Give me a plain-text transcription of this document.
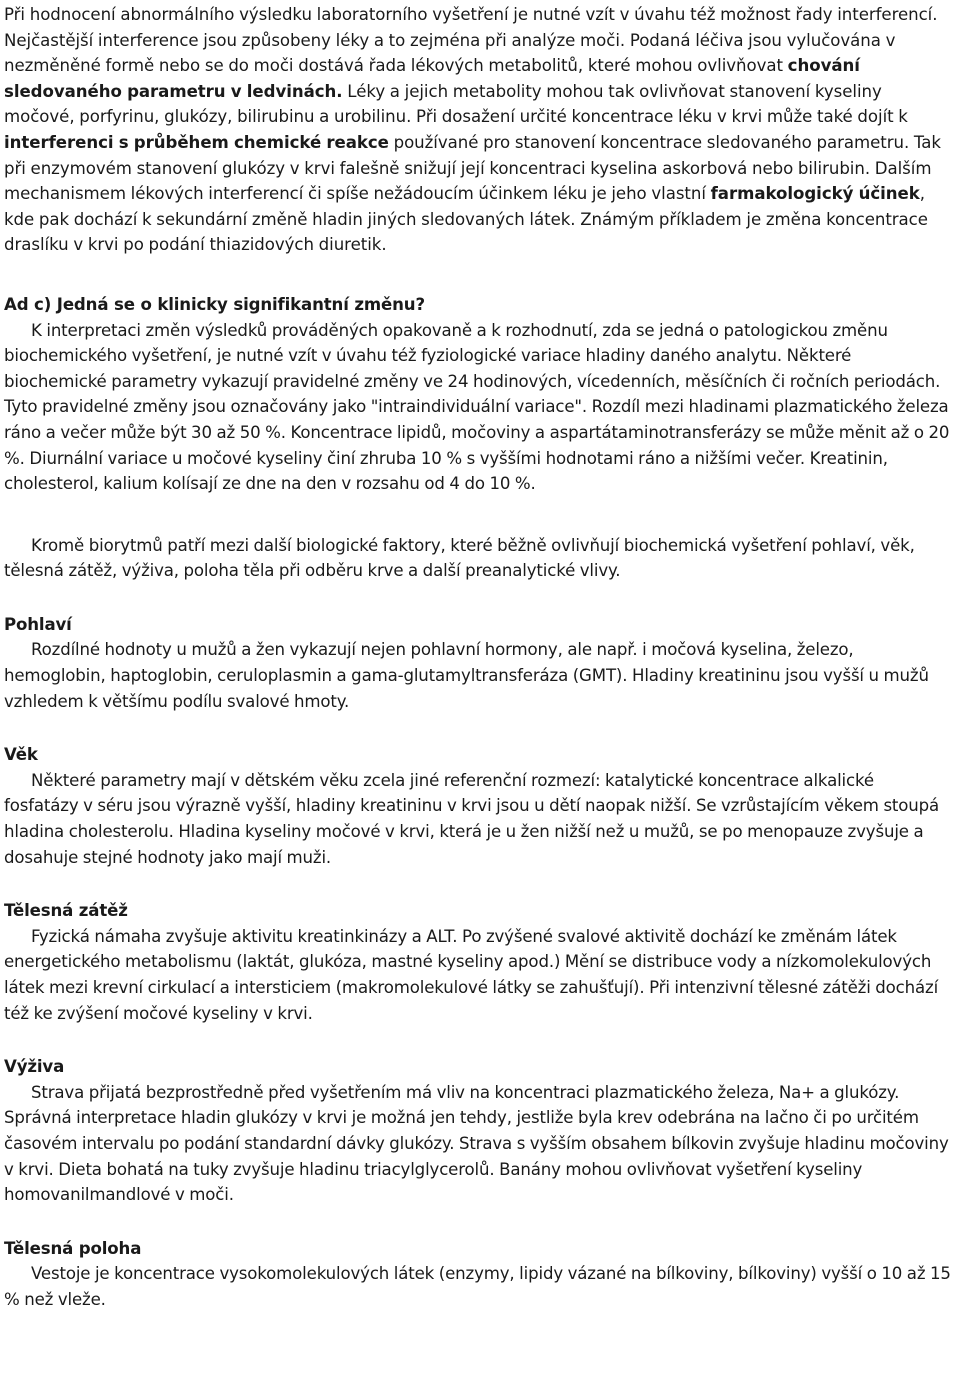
Při hodnocení abnormálního výsledku laboratorního vyšetření je nutné vzít v úvahu též možnost řady interferencí. Nejčastější interference jsou způsobeny léky a to zejména při analýze moči. Podaná léčiva jsou vylučována v nezměněné formě nebo se do moči dostává řada lékových metabolitů, které mohou ovlivňovat chování sledovaného parametru v ledvinách. Léky a jejich metabolity mohou tak ovlivňovat stanovení kyseliny močové, porfyrinu, glukózy, bilirubinu a urobilinu. Při dosažení určité koncentrace léku v krvi může také dojít k interferenci s průběhem chemické reakce používané pro stanovení koncentrace sledovaného parametru. Tak při enzymovém stanovení glukózy v krvi falešně snižují její koncentraci kyselina askorbová nebo bilirubin. Dalším mechanismem lékových interferencí či spíše nežádoucím účinkem léku je jeho vlastní farmakologický účinek, kde pak dochází k sekundární změně hladin jiných sledovaných látek. Známým příkladem je změna koncentrace draslíku v krvi po podání thiazidových diuretik.

Ad c) Jedná se o klinicky signifikantní změnu?

K interpretaci změn výsledků prováděných opakovaně a k rozhodnutí, zda se jedná o patologickou změnu biochemického vyšetření, je nutné vzít v úvahu též fyziologické variace hladiny daného analytu. Některé biochemické parametry vykazují pravidelné změny ve 24 hodinových, vícedenních, měsíčních či ročních periodách. Tyto pravidelné změny jsou označovány jako "intraindividuální variace". Rozdíl mezi hladinami plazmatického železa ráno a večer může být 30 až 50 %. Koncentrace lipidů, močoviny a aspartátaminotransferázy se může měnit až o 20 %. Diurnální variace u močové kyseliny činí zhruba 10 % s vyššími hodnotami ráno a nižšími večer. Kreatinin, cholesterol, kalium kolísají ze dne na den v rozsahu od 4 do 10 %.

Kromě biorytmů patří mezi další biologické faktory, které běžně ovlivňují biochemická vyšetření pohlaví, věk, tělesná zátěž, výživa, poloha těla při odběru krve a další preanalytické vlivy.

Pohlaví

Rozdílné hodnoty u mužů a žen vykazují nejen pohlavní hormony, ale např. i močová kyselina, železo, hemoglobin, haptoglobin, ceruloplasmin a gama-glutamyltransferáza (GMT). Hladiny kreatininu jsou vyšší u mužů vzhledem k většímu podílu svalové hmoty.

Věk

Některé parametry mají v dětském věku zcela jiné referenční rozmezí: katalytické koncentrace alkalické fosfatázy v séru jsou výrazně vyšší, hladiny kreatininu v krvi jsou u dětí naopak nižší. Se vzrůstajícím věkem stoupá hladina cholesterolu. Hladina kyseliny močové v krvi, která je u žen nižší než u mužů, se po menopauze zvyšuje a dosahuje stejné hodnoty jako mají muži.

Tělesná zátěž

Fyzická námaha zvyšuje aktivitu kreatinkinázy a ALT. Po zvýšené svalové aktivitě dochází ke změnám látek energetického metabolismu (laktát, glukóza, mastné kyseliny apod.) Mění se distribuce vody a nízkomolekulových látek mezi krevní cirkulací a intersticiem (makromolekulové látky se zahušťují). Při intenzivní tělesné zátěži dochází též ke zvýšení močové kyseliny v krvi.

Výživa

Strava přijatá bezprostředně před vyšetřením má vliv na koncentraci plazmatického železa, Na+ a glukózy. Správná interpretace hladin glukózy v krvi je možná jen tehdy, jestliže byla krev odebrána na lačno či po určitém časovém intervalu po podání standardní dávky glukózy. Strava s vyšším obsahem bílkovin zvyšuje hladinu močoviny v krvi. Dieta bohatá na tuky zvyšuje hladinu triacylglycerolů. Banány mohou ovlivňovat vyšetření kyseliny homovanilmandlové v moči.

Tělesná poloha

Vestoje je koncentrace vysokomolekulových látek (enzymy, lipidy vázané na bílkoviny, bílkoviny) vyšší o 10 až 15 % než vleže.
